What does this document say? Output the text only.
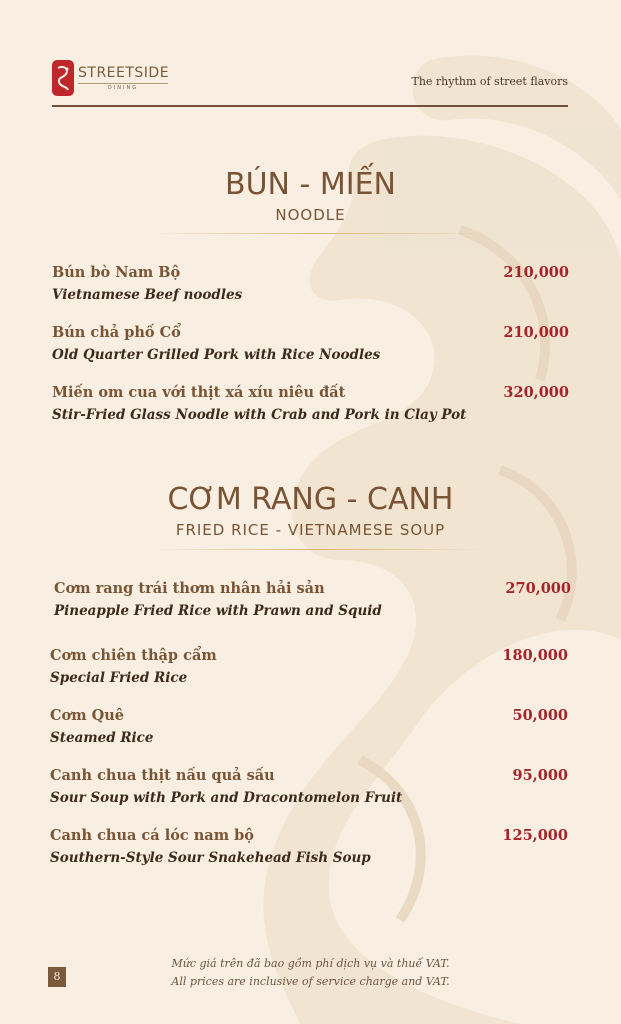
STREETSIDE
DINING	The rhythm of street flavors
BÚN - MIẾN
NOODLE
Bún bò Nam Bộ
Vietnamese Beef noodles
210,000
Bún chả phố Cổ
Old Quarter Grilled Pork with Rice Noodles
210,000
Miến om cua với thịt xá xíu niêu đất
Stir-Fried Glass Noodle with Crab and Pork in Clay Pot
320,000
CƠM RANG - CANH
FRIED RICE - VIETNAMESE SOUP
Cơm rang trái thơm nhân hải sản
Pineapple Fried Rice with Prawn and Squid
270,000
Cơm chiên thập cẩm
Special Fried Rice
180,000
Cơm Quê
Steamed Rice
50,000
Canh chua thịt nấu quả sấu
Sour Soup with Pork and Dracontomelon Fruit
95,000
Canh chua cá lóc nam bộ
Southern-Style Sour Snakehead Fish Soup
125,000
8
Mức giá trên đã bao gồm phí dịch vụ và thuế VAT.
All prices are inclusive of service charge and VAT.
